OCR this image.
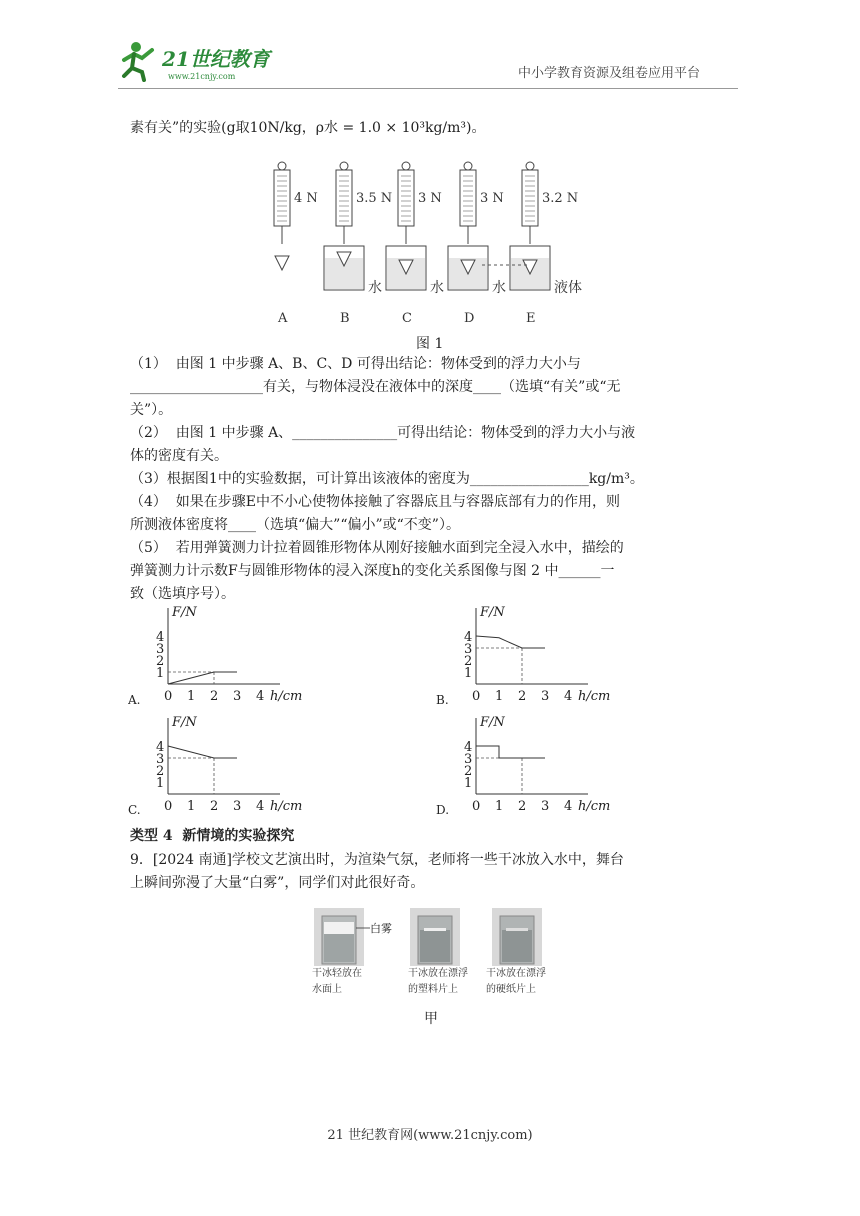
21世纪教育
www.21cnjy.com	中小学教育资源及组卷应用平台
素有关”的实验(g取10N/kg，ρ水 = 1.0 × 10³kg/m³)。
4 N
A
3.5 N
水
B
3 N
水
C
3 N
水
D
3.2 N
液体
E
图 1
（1）  由图 1 中步骤 A、B、C、D 可得出结论：物体受到的浮力大小与
___________________有关，与物体浸没在液体中的深度____（选填“有关”或“无
关”）。
（2）  由图 1 中步骤 A、_______________可得出结论：物体受到的浮力大小与液
体的密度有关。
（3）根据图1中的实验数据，可计算出该液体的密度为_________________kg/m³。
（4）  如果在步骤E中不小心使物体接触了容器底且与容器底部有力的作用，则
所测液体密度将____（选填“偏大”“偏小”或“不变”）。
（5）  若用弹簧测力计拉着圆锥形物体从刚好接触水面到完全浸入水中，描绘的
弹簧测力计示数F与圆锥形物体的浸入深度h的变化关系图像与图 2 中______一
致（选填序号）。
A.
F/N
0 1 2 3 4 h/cm
1
2
3
4
B.
F/N
0 1 2 3 4 h/cm
1
2
3
4
C.
F/N
0 1 2 3 4 h/cm
1
2
3
4
D.
F/N
0 1 2 3 4 h/cm
1
2
3
4
类型 4  新情境的实验探究
9．[2024 南通]学校文艺演出时，为渲染气氛，老师将一些干冰放入水中，舞台
上瞬间弥漫了大量“白雾”，同学们对此很好奇。
白雾
干冰轻放在
水面上
干冰放在漂浮
的塑料片上
干冰放在漂浮
的硬纸片上
甲
21 世纪教育网(www.21cnjy.com)
